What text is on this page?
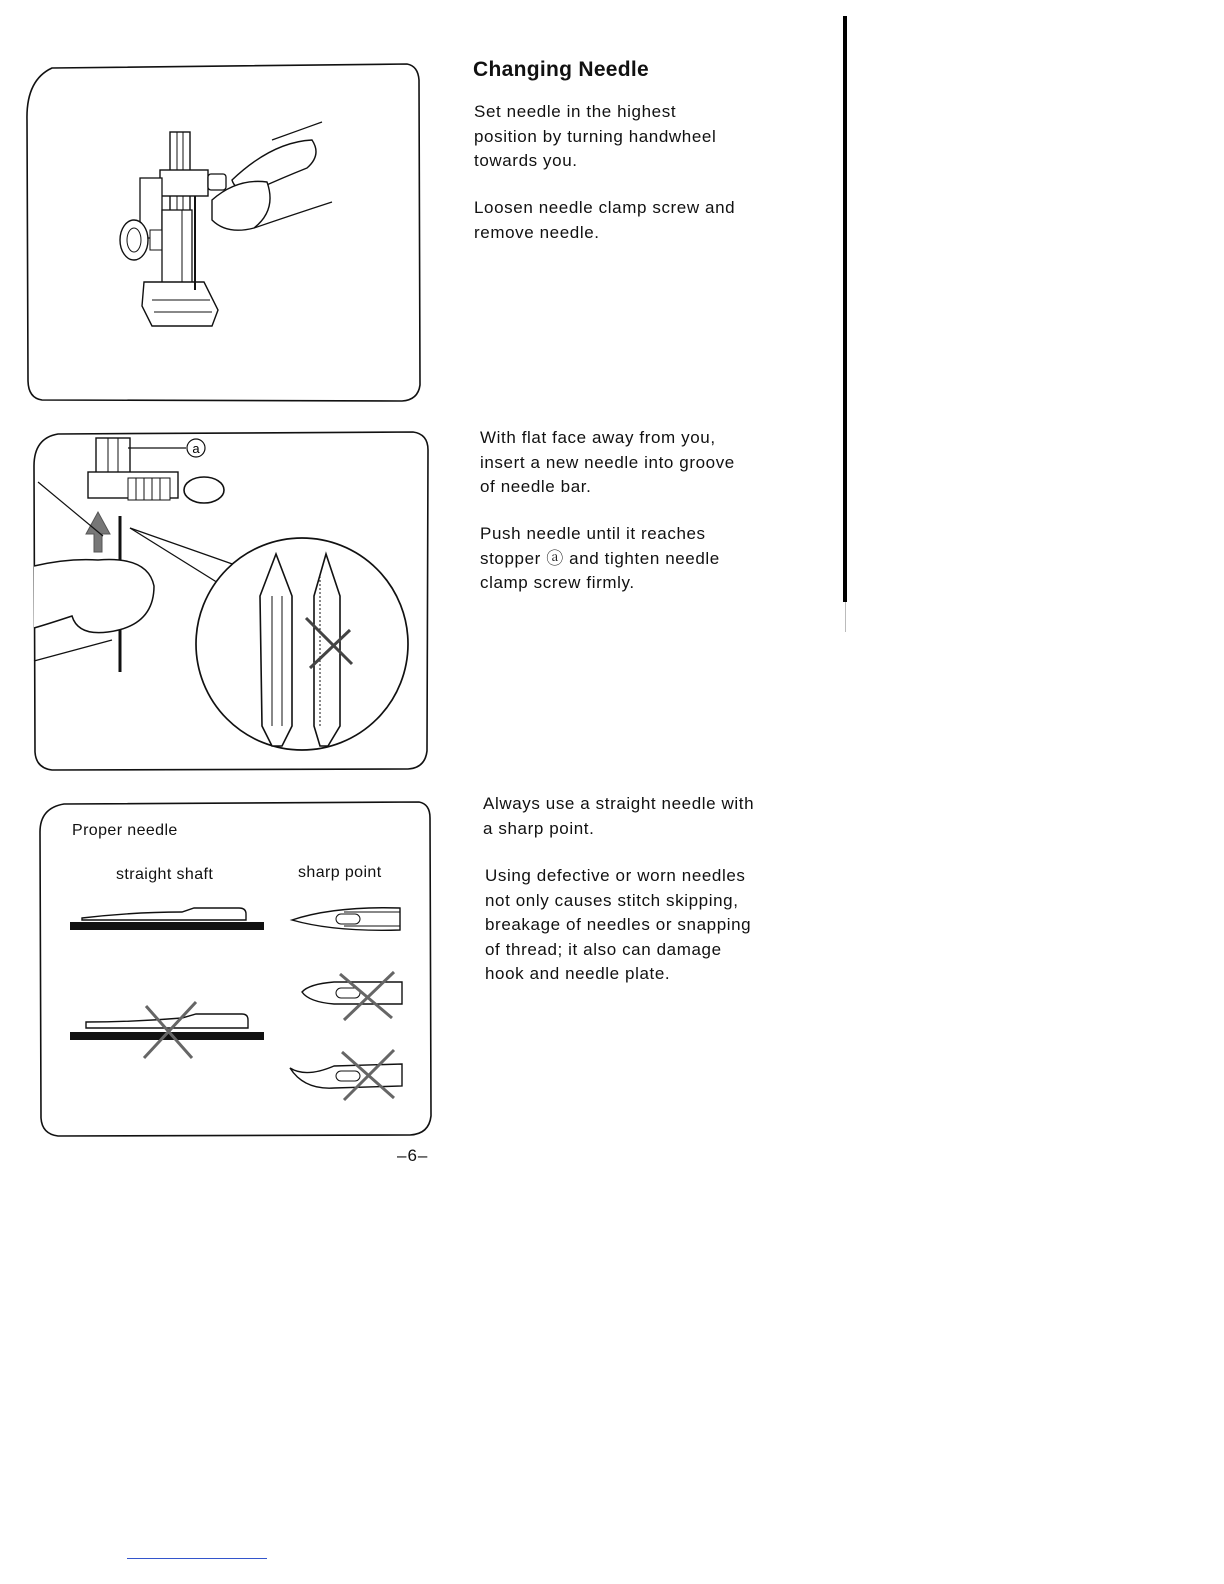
Changing Needle

Set needle in the highest
position by turning handwheel
towards you.

Loosen needle clamp screw and
remove needle.

With flat face away from you,
insert a new needle into groove
of needle bar.

Push needle until it reaches
stopper ⓐ and tighten needle
clamp screw firmly.

Always use a straight needle with
a sharp point.

Using defective or worn needles
not only causes stitch skipping,
breakage of needles or snapping
of thread; it also can damage
hook and needle plate.

a
Proper needle
straight shaft	sharp point
–6–
